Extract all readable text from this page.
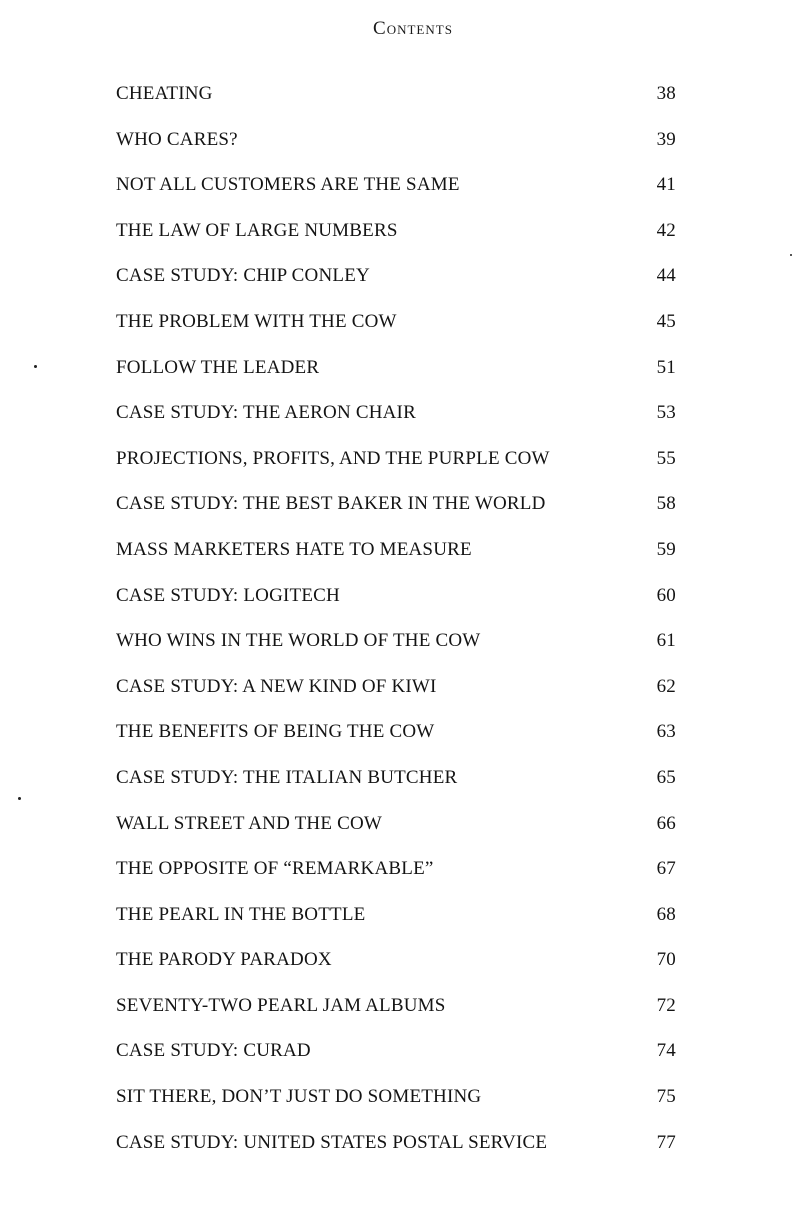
Contents
CHEATING	38
WHO CARES?	39
NOT ALL CUSTOMERS ARE THE SAME	41
THE LAW OF LARGE NUMBERS	42
CASE STUDY: CHIP CONLEY	44
THE PROBLEM WITH THE COW	45
FOLLOW THE LEADER	51
CASE STUDY: THE AERON CHAIR	53
PROJECTIONS, PROFITS, AND THE PURPLE COW	55
CASE STUDY: THE BEST BAKER IN THE WORLD	58
MASS MARKETERS HATE TO MEASURE	59
CASE STUDY: LOGITECH	60
WHO WINS IN THE WORLD OF THE COW	61
CASE STUDY: A NEW KIND OF KIWI	62
THE BENEFITS OF BEING THE COW	63
CASE STUDY: THE ITALIAN BUTCHER	65
WALL STREET AND THE COW	66
THE OPPOSITE OF “REMARKABLE”	67
THE PEARL IN THE BOTTLE	68
THE PARODY PARADOX	70
SEVENTY-TWO PEARL JAM ALBUMS	72
CASE STUDY: CURAD	74
SIT THERE, DON’T JUST DO SOMETHING	75
CASE STUDY: UNITED STATES POSTAL SERVICE	77
